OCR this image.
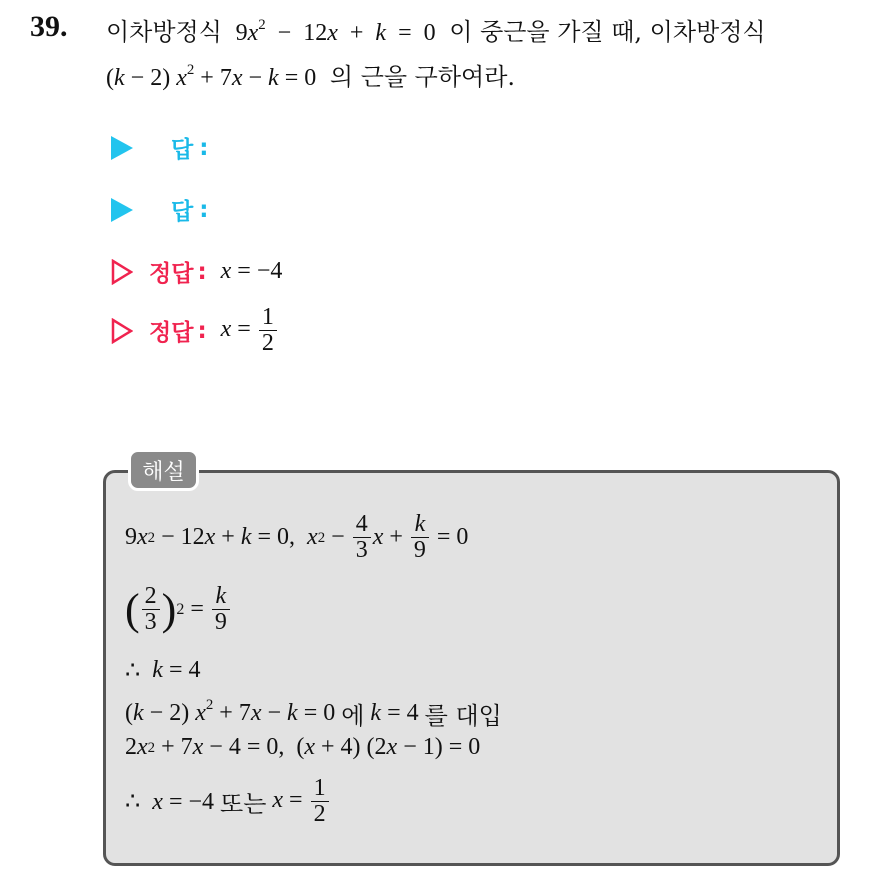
39. 이차방정식  $9x^2 - 12x + k = 0$  이 중근을 가질 때, 이차방정식
(k − 2) $x^2 + 7x - k = 0$  의 근을 구하여라.
답 :
답 :
정답 : x = −4
정답 : $x = \frac{1}{2}$
해설
9 x 2 − 12 x + k = 0, x $2 - \frac{4}{3}$ $x + \frac{k}{9} = 0$
( $\frac{2}{3}$ ) $2 = \frac{k}{9}$
∴ k = 4
(k − 2) $x^2 + 7x - k = 0$ 에 k = 4 를 대입
2 x 2 + 7 x − 4 = 0,  ( x + 4) (2 x − 1) = 0
∴  x = −4 또는 $x = \frac{1}{2}$
